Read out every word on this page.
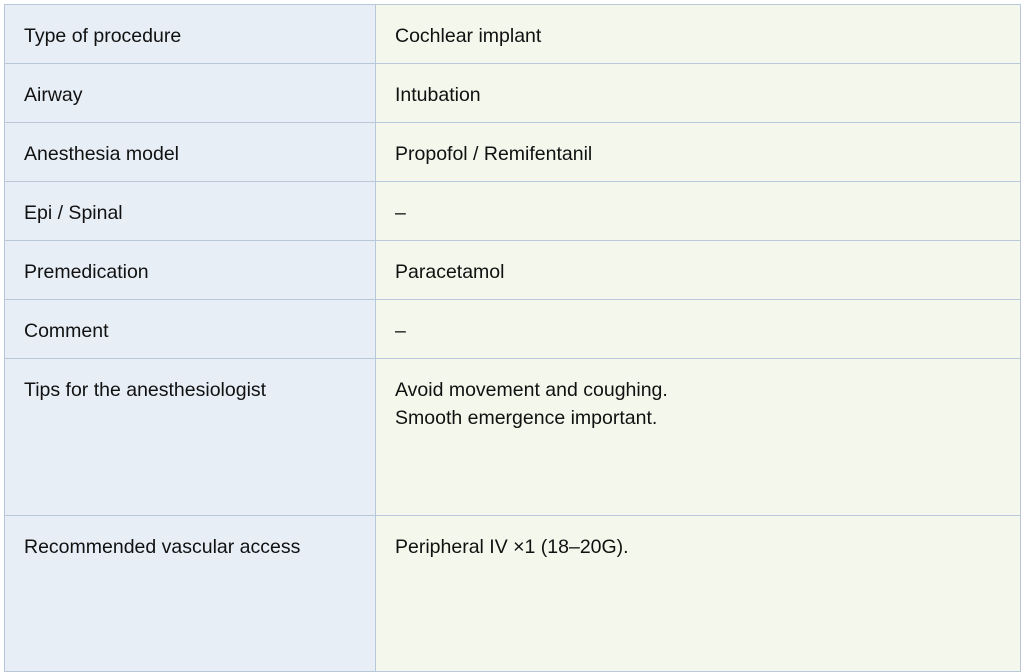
Type of procedure	Cochlear implant

Airway	Intubation

Anesthesia model	Propofol / Remifentanil

Epi / Spinal	–

Premedication	Paracetamol

Comment	–

Tips for the anesthesiologist	Avoid movement and coughing.
Smooth emergence important.

Recommended vascular access	Peripheral IV ×1 (18–20G).
